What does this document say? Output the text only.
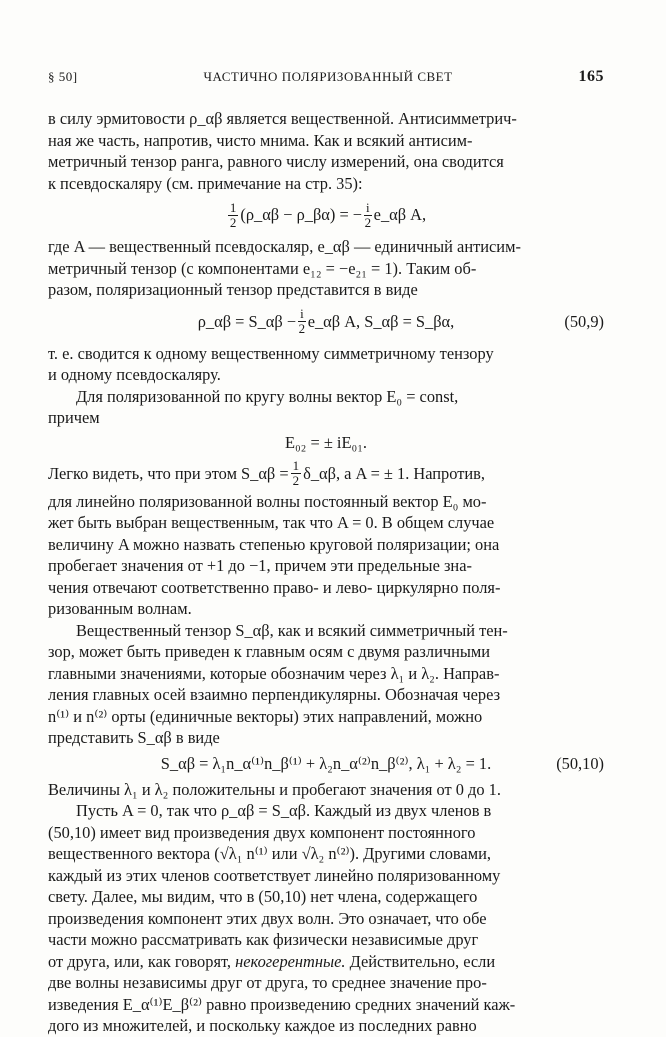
§ 50]	ЧАСТИЧНО ПОЛЯРИЗОВАННЫЙ СВЕТ	165
в силу эрмитовости ρ_αβ является вещественной. Антисимметрич-
ная же часть, напротив, чисто мнима. Как и всякий антисим-
метричный тензор ранга, равного числу измерений, она сводится
к псевдоскаляру (см. примечание на стр. 35):
$\frac{1}{2}$ (ρ_αβ − ρ_βα) = − $\frac{i}{2}$ e_αβ A,
где A — вещественный псевдоскаляр, e_αβ — единичный антисим-
метричный тензор (с компонентами e₁₂ = −e₂₁ = 1). Таким об-
разом, поляризационный тензор представится в виде
ρ_αβ = S_αβ − $\frac{i}{2}$ e_αβ A, S_αβ = S_βα,	(50,9)
т. е. сводится к одному вещественному симметричному тензору
и одному псевдоскаляру.
Для поляризованной по кругу волны вектор E₀ = const,
причем
E₀₂ = ± iE₀₁.
Легко видеть, что при этом S_αβ = $\frac{1}{2}$ δ_αβ, а A = ± 1. Напротив,
для линейно поляризованной волны постоянный вектор E₀ мо-
жет быть выбран вещественным, так что A = 0. В общем случае
величину A можно назвать степенью круговой поляризации; она
пробегает значения от +1 до −1, причем эти предельные зна-
чения отвечают соответственно право- и лево- циркулярно поля-
ризованным волнам.
Вещественный тензор S_αβ, как и всякий симметричный тен-
зор, может быть приведен к главным осям с двумя различными
главными значениями, которые обозначим через λ₁ и λ₂. Направ-
ления главных осей взаимно перпендикулярны. Обозначая через
n⁽¹⁾ и n⁽²⁾ орты (единичные векторы) этих направлений, можно
представить S_αβ в виде
S_αβ = λ₁n_α⁽¹⁾n_β⁽¹⁾ + λ₂n_α⁽²⁾n_β⁽²⁾, λ₁ + λ₂ = 1.	(50,10)
Величины λ₁ и λ₂ положительны и пробегают значения от 0 до 1.
Пусть A = 0, так что ρ_αβ = S_αβ. Каждый из двух членов в
(50,10) имеет вид произведения двух компонент постоянного
вещественного вектора (√λ₁ n⁽¹⁾ или √λ₂ n⁽²⁾). Другими словами,
каждый из этих членов соответствует линейно поляризованному
свету. Далее, мы видим, что в (50,10) нет члена, содержащего
произведения компонент этих двух волн. Это означает, что обе
части можно рассматривать как физически независимые друг
от друга, или, как говорят, некогерентные. Действительно, если
две волны независимы друг от друга, то среднее значение про-
изведения E_α⁽¹⁾E_β⁽²⁾ равно произведению средних значений каж-
дого из множителей, и поскольку каждое из последних равно
